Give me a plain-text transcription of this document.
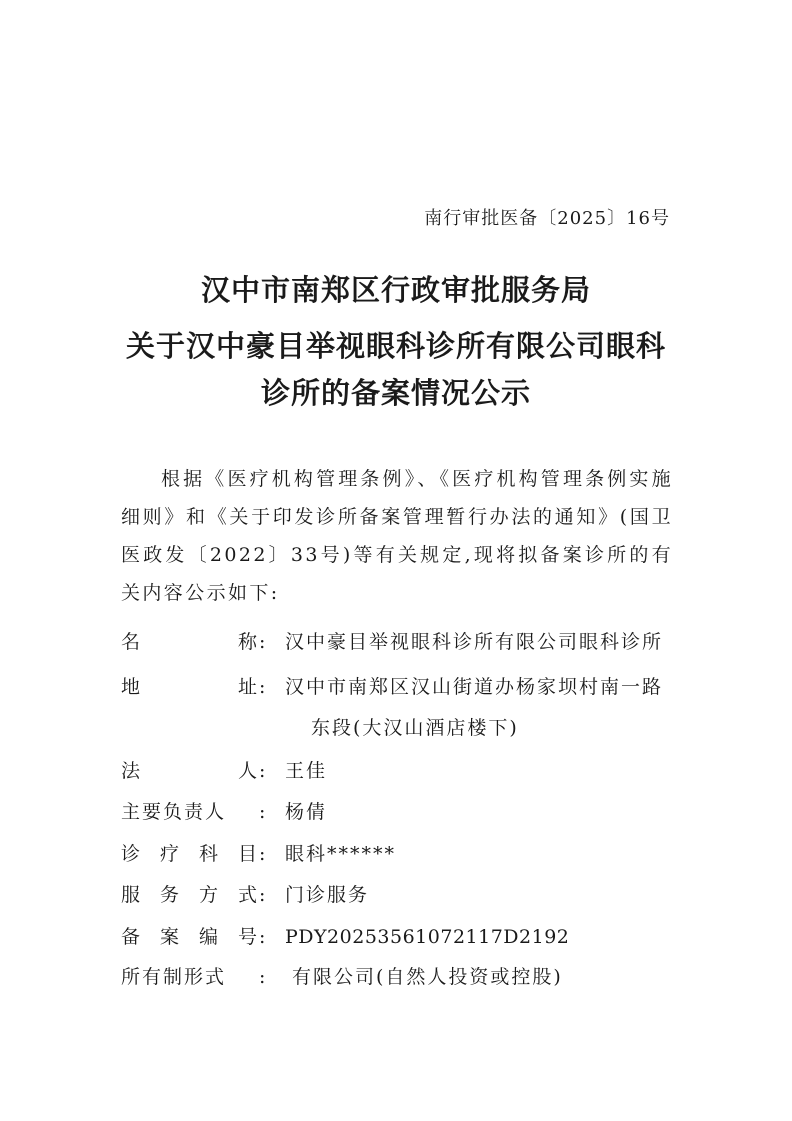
南行审批医备〔2025〕16号
汉中市南郑区行政审批服务局
关于汉中豪目举视眼科诊所有限公司眼科
诊所的备案情况公示

根据《医疗机构管理条例》、《医疗机构管理条例实施细则》和《关于印发诊所备案管理暂行办法的通知》(国卫医政发〔2022〕33号)等有关规定,现将拟备案诊所的有关内容公示如下:

名	称 : 汉中豪目举视眼科诊所有限公司眼科诊所
地	址 : 汉中市南郑区汉山街道办杨家坝村南一路
东段(大汉山酒店楼下)
法	人 : 王佳
主要负责人	: 杨倩
诊 疗 科 目 : 眼科******
服 务 方 式 : 门诊服务
备 案 编 号 : PDY20253561072117D2192
所有制形式	: 有限公司(自然人投资或控股)
